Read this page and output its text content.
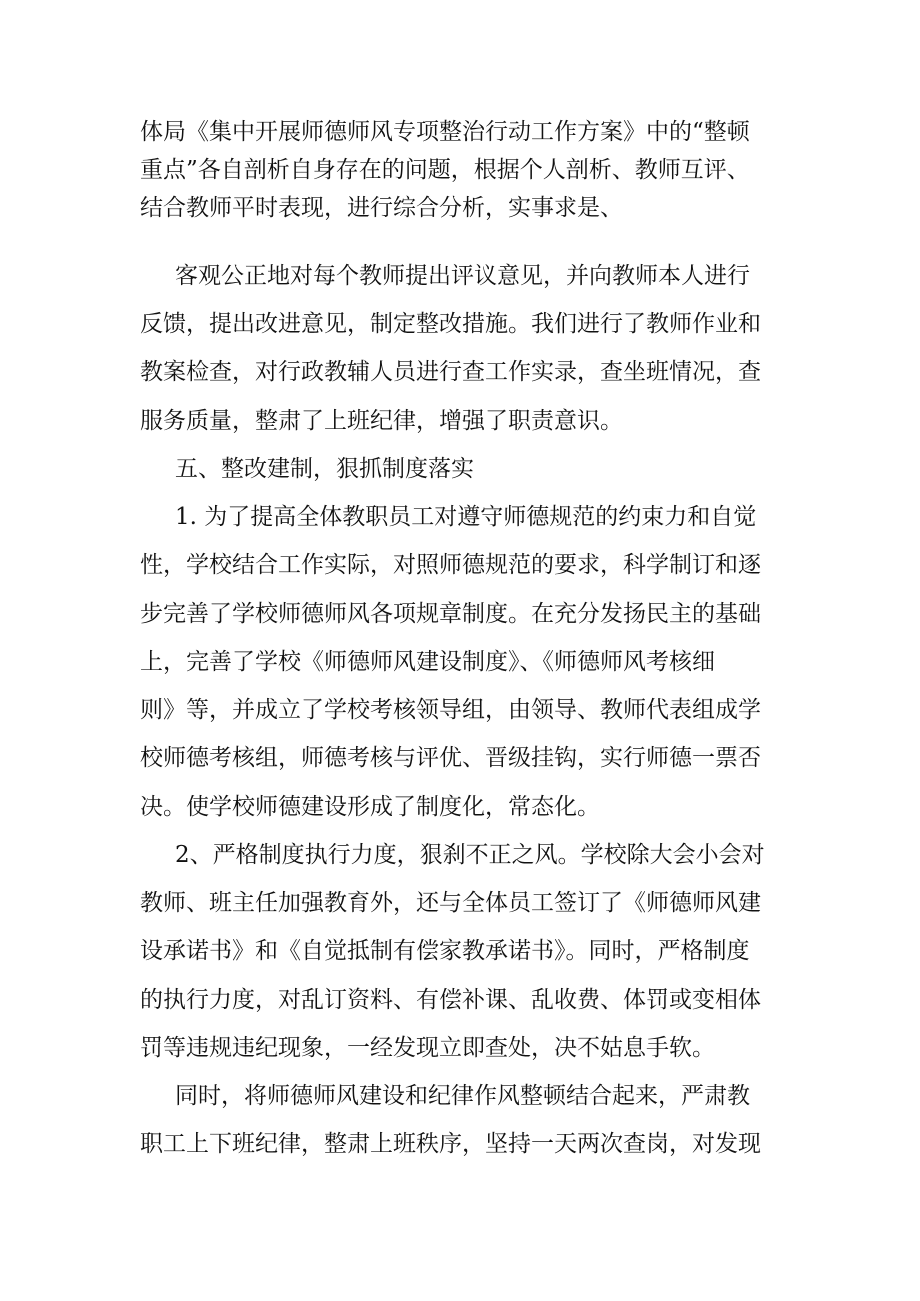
体局《集中开展师德师风专项整治行动工作方案》中的“整顿

重点”各自剖析自身存在的问题，根据个人剖析、教师互评、

结合教师平时表现，进行综合分析，实事求是、

客观公正地对每个教师提出评议意见，并向教师本人进行

反馈，提出改进意见，制定整改措施。我们进行了教师作业和

教案检查，对行政教辅人员进行查工作实录，查坐班情况，查

服务质量，整肃了上班纪律，增强了职责意识。

五、整改建制，狠抓制度落实

1. 为了提高全体教职员工对遵守师德规范的约束力和自觉

性，学校结合工作实际，对照师德规范的要求，科学制订和逐

步完善了学校师德师风各项规章制度。在充分发扬民主的基础

上，完善了学校《师德师风建设制度》、《师德师风考核细

则》等，并成立了学校考核领导组，由领导、教师代表组成学

校师德考核组，师德考核与评优、晋级挂钩，实行师德一票否

决。使学校师德建设形成了制度化，常态化。

2、严格制度执行力度，狠刹不正之风。学校除大会小会对

教师、班主任加强教育外，还与全体员工签订了《师德师风建

设承诺书》和《自觉抵制有偿家教承诺书》。同时，严格制度

的执行力度，对乱订资料、有偿补课、乱收费、体罚或变相体

罚等违规违纪现象，一经发现立即查处，决不姑息手软。

同时，将师德师风建设和纪律作风整顿结合起来，严肃教

职工上下班纪律，整肃上班秩序，坚持一天两次查岗，对发现
